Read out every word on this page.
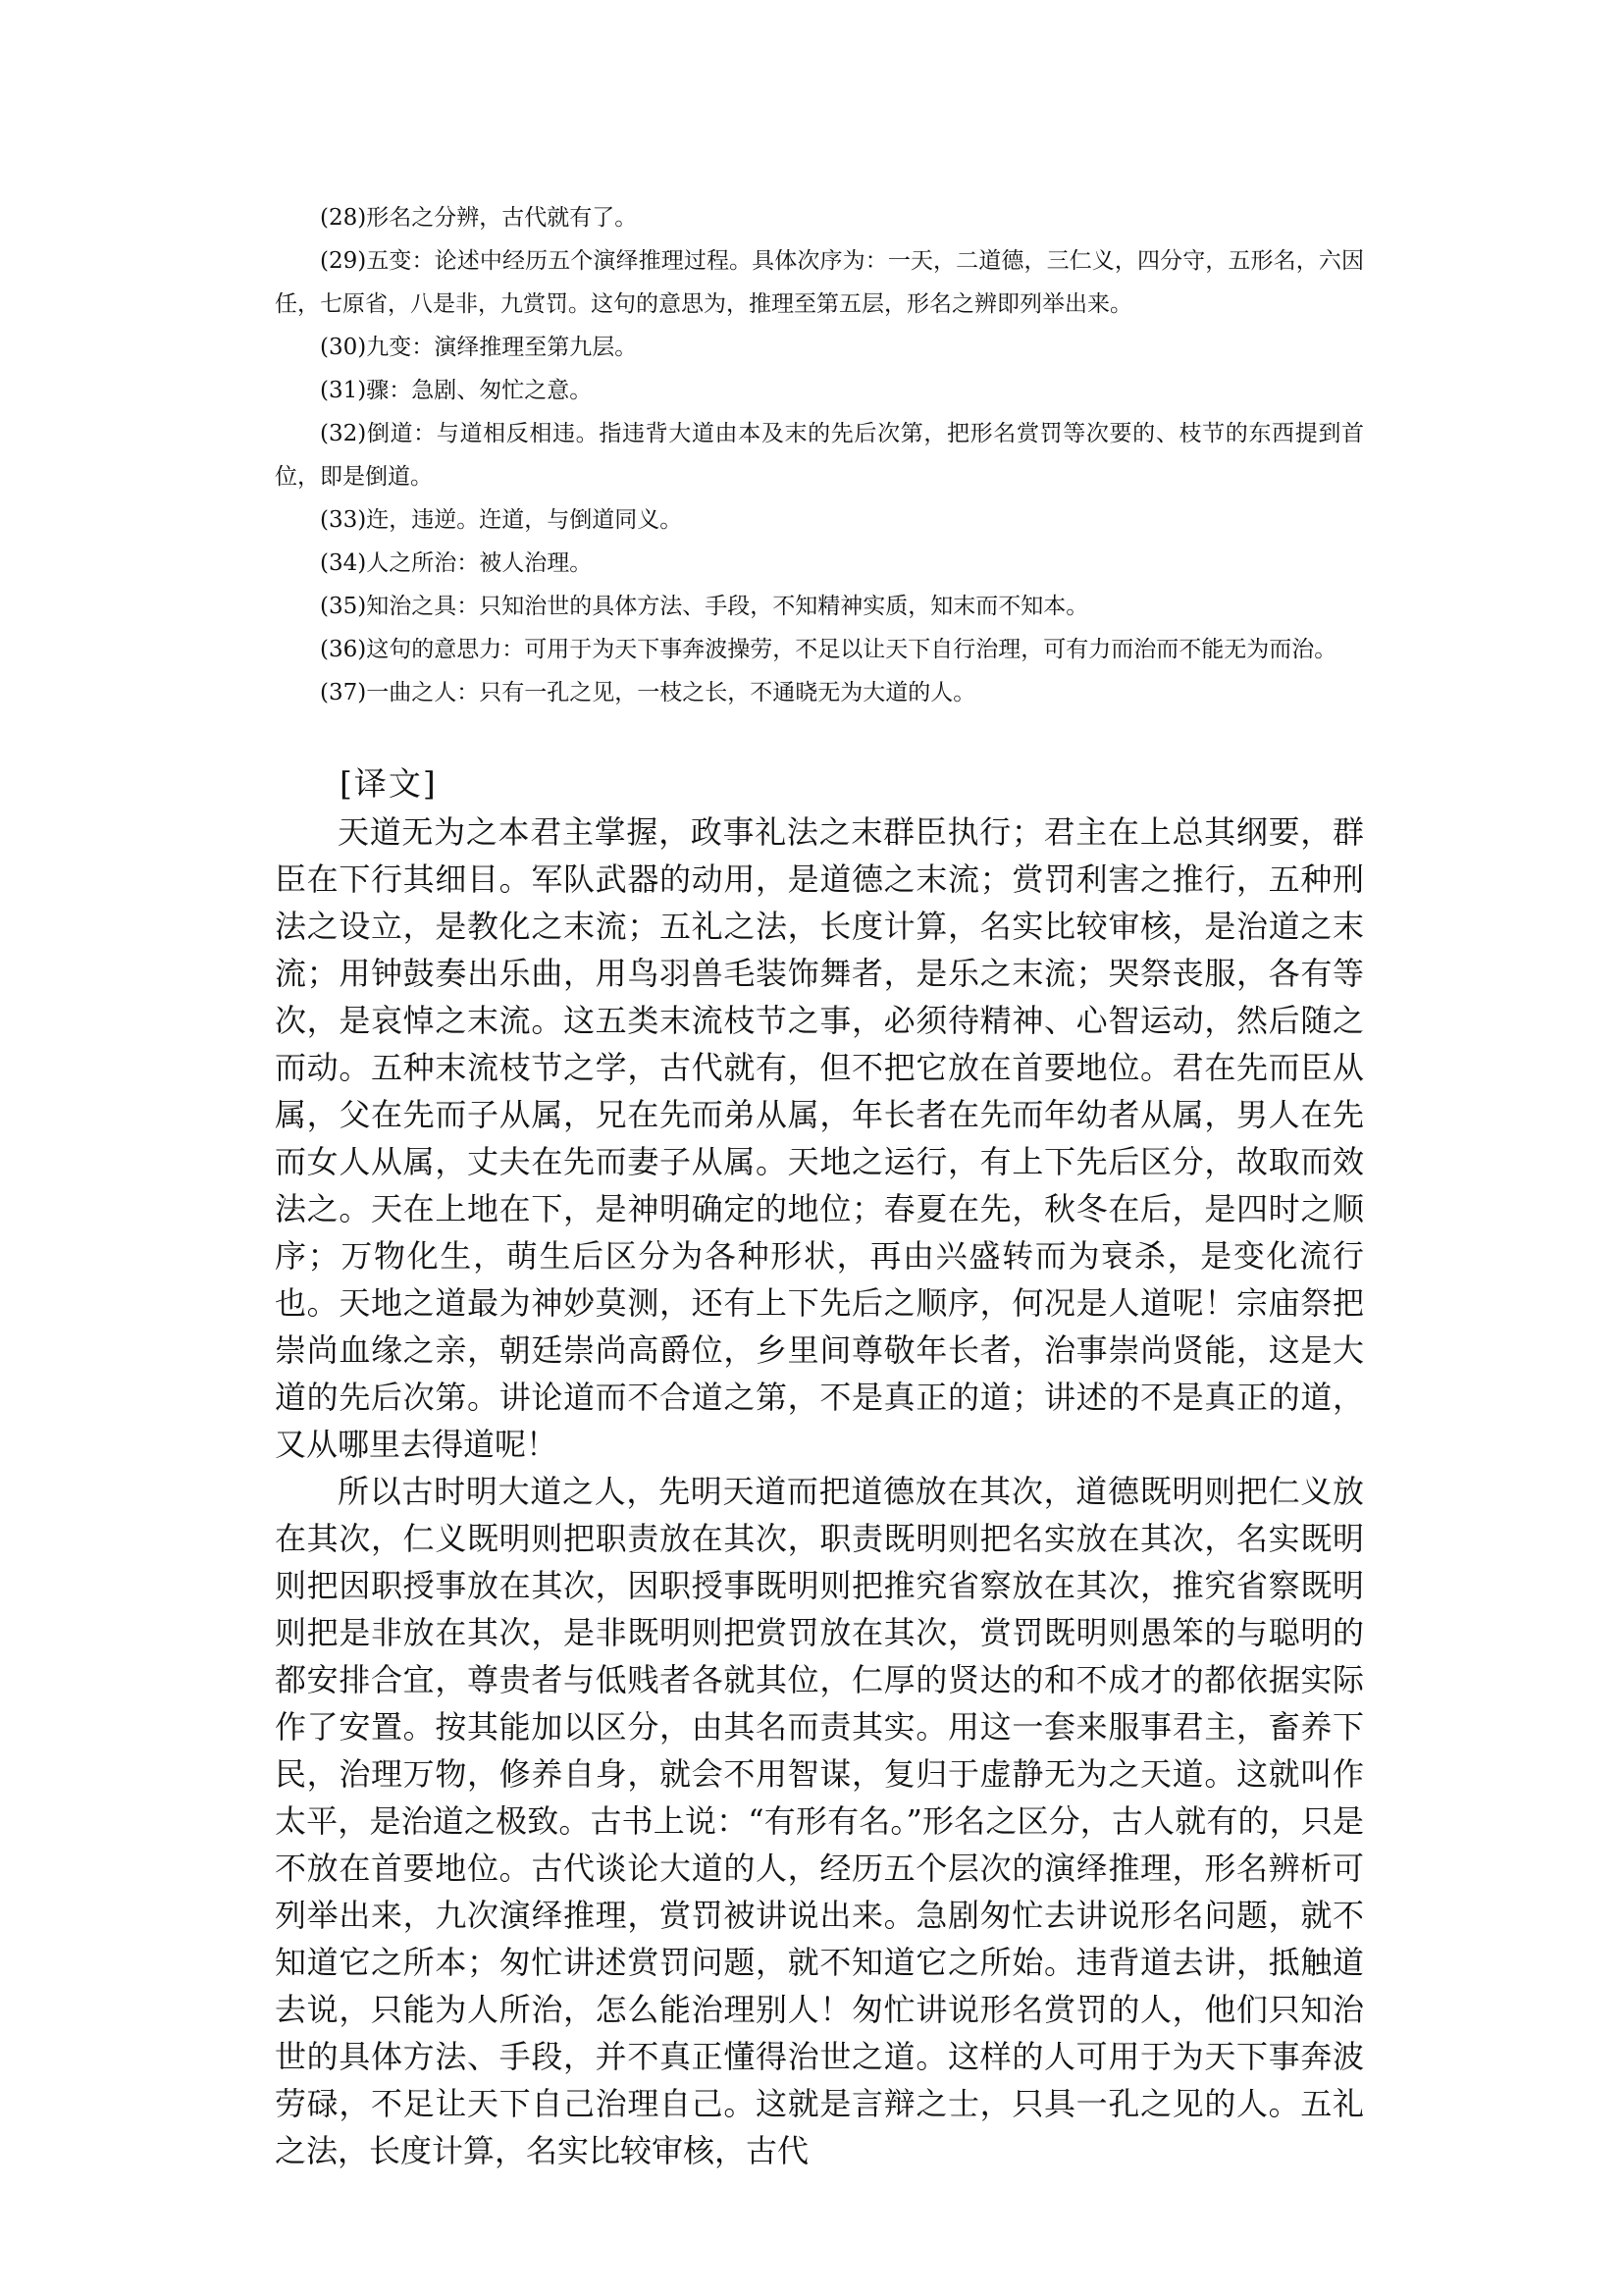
(28)形名之分辨，古代就有了。

(29)五变：论述中经历五个演绎推理过程。具体次序为：一天，二道德，三仁义，四分守，五形名，六因任，七原省，八是非，九赏罚。这句的意思为，推理至第五层，形名之辨即列举出来。

(30)九变：演绎推理至第九层。

(31)骤：急剧、匆忙之意。

(32)倒道：与道相反相违。指违背大道由本及末的先后次第，把形名赏罚等次要的、枝节的东西提到首位，即是倒道。

(33)迕，违逆。迕道，与倒道同义。

(34)人之所治：被人治理。

(35)知治之具：只知治世的具体方法、手段，不知精神实质，知末而不知本。

(36)这句的意思力：可用于为天下事奔波操劳，不足以让天下自行治理，可有力而治而不能无为而治。

(37)一曲之人：只有一孔之见，一枝之长，不通晓无为大道的人。

[译文]

天道无为之本君主掌握，政事礼法之末群臣执行；君主在上总其纲要，群臣在下行其细目。军队武器的动用，是道德之末流；赏罚利害之推行，五种刑法之设立，是教化之末流；五礼之法，长度计算，名实比较审核，是治道之末流；用钟鼓奏出乐曲，用鸟羽兽毛装饰舞者，是乐之末流；哭祭丧服，各有等次，是哀悼之末流。这五类末流枝节之事，必须待精神、心智运动，然后随之而动。五种末流枝节之学，古代就有，但不把它放在首要地位。君在先而臣从属，父在先而子从属，兄在先而弟从属，年长者在先而年幼者从属，男人在先而女人从属，丈夫在先而妻子从属。天地之运行，有上下先后区分，故取而效法之。天在上地在下，是神明确定的地位；春夏在先，秋冬在后，是四时之顺序；万物化生，萌生后区分为各种形状，再由兴盛转而为衰杀，是变化流行也。天地之道最为神妙莫测，还有上下先后之顺序，何况是人道呢！宗庙祭把崇尚血缘之亲，朝廷崇尚高爵位，乡里间尊敬年长者，治事崇尚贤能，这是大道的先后次第。讲论道而不合道之第，不是真正的道；讲述的不是真正的道，又从哪里去得道呢！

所以古时明大道之人，先明天道而把道德放在其次，道德既明则把仁义放在其次，仁义既明则把职责放在其次，职责既明则把名实放在其次，名实既明则把因职授事放在其次，因职授事既明则把推究省察放在其次，推究省察既明则把是非放在其次，是非既明则把赏罚放在其次，赏罚既明则愚笨的与聪明的都安排合宜，尊贵者与低贱者各就其位，仁厚的贤达的和不成才的都依据实际作了安置。按其能加以区分，由其名而责其实。用这一套来服事君主，畜养下民，治理万物，修养自身，就会不用智谋，复归于虚静无为之天道。这就叫作太平，是治道之极致。古书上说：“有形有名。”形名之区分，古人就有的，只是不放在首要地位。古代谈论大道的人，经历五个层次的演绎推理，形名辨析可列举出来，九次演绎推理，赏罚被讲说出来。急剧匆忙去讲说形名问题，就不知道它之所本；匆忙讲述赏罚问题，就不知道它之所始。违背道去讲，抵触道去说，只能为人所治，怎么能治理别人！匆忙讲说形名赏罚的人，他们只知治世的具体方法、手段，并不真正懂得治世之道。这样的人可用于为天下事奔波劳碌，不足让天下自己治理自己。这就是言辩之士，只具一孔之见的人。五礼之法，长度计算，名实比较审核，古代
